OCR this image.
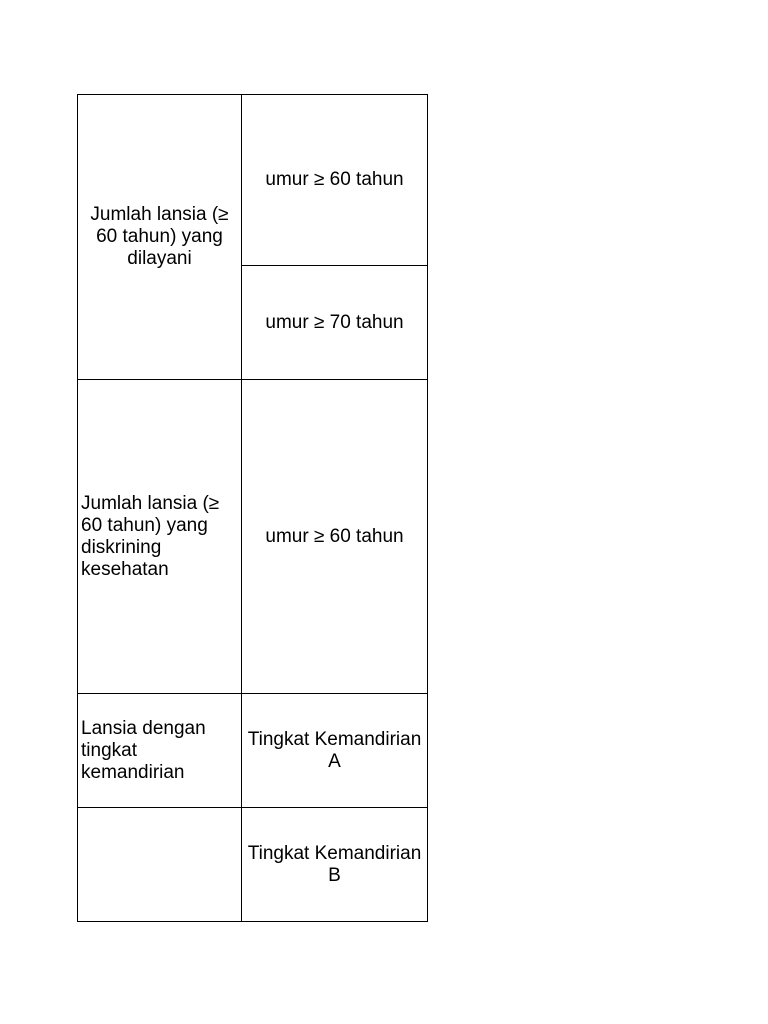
Jumlah lansia (≥ 60 tahun) yang dilayani	umur ≥ 60 tahun
	umur ≥ 70 tahun
Jumlah lansia (≥ 60 tahun) yang diskrining kesehatan	umur ≥ 60 tahun
Lansia dengan tingkat kemandirian	Tingkat Kemandirian A
	Tingkat Kemandirian B
